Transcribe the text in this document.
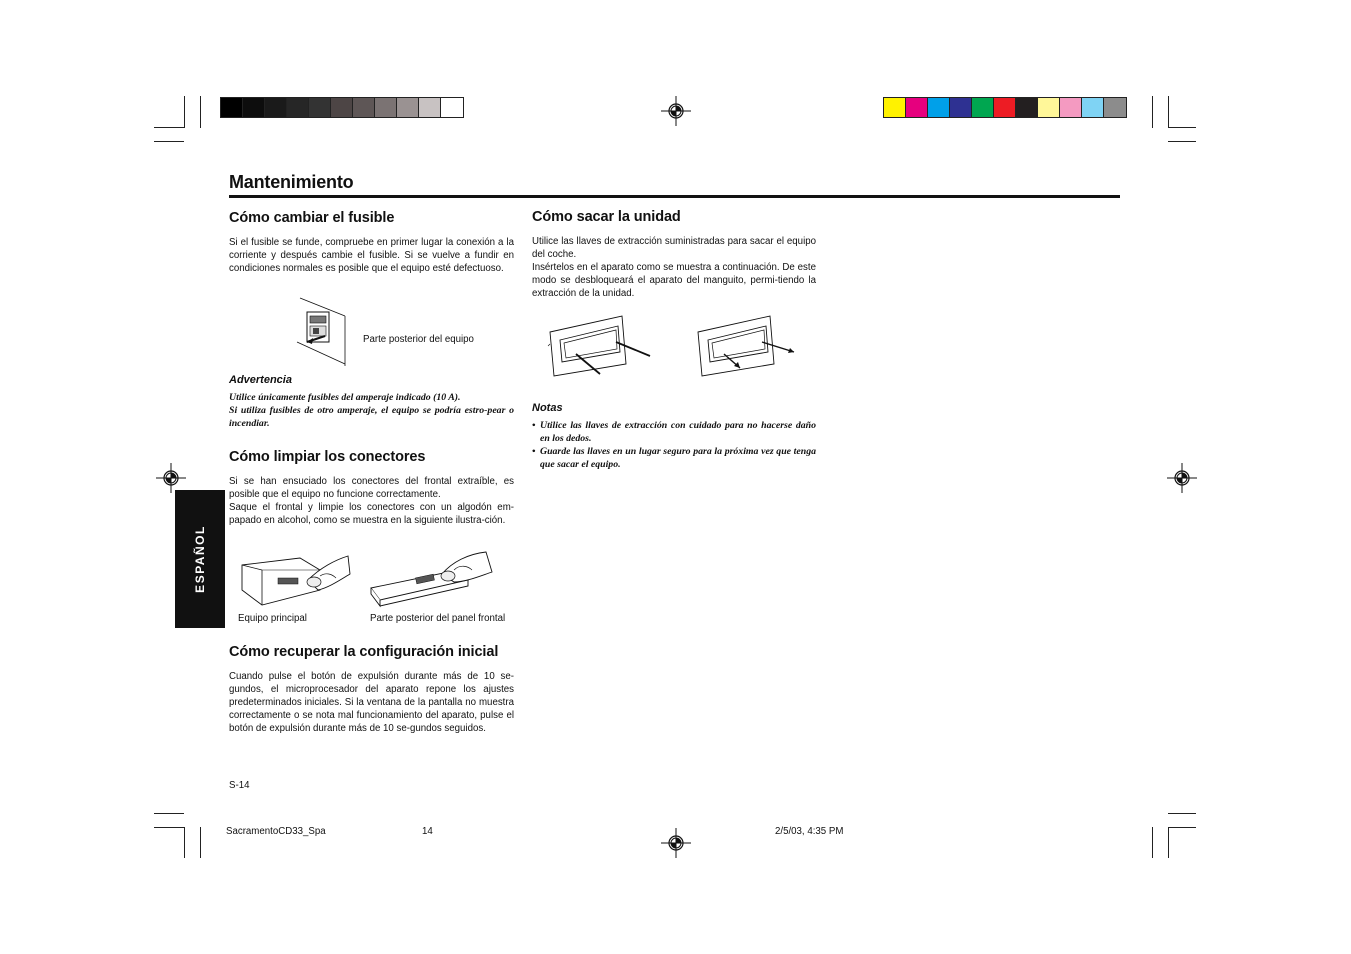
Mantenimiento
ESPAÑOL
Cómo cambiar el fusible
Si el fusible se funde, compruebe en primer lugar la conexión a la corriente y después cambie el fusible. Si se vuelve a fundir en condiciones normales es posible que el equipo esté defectuoso.
Parte posterior del equipo
Advertencia
Utilice únicamente fusibles del amperaje indicado (10 A).
Si utiliza fusibles de otro amperaje, el equipo se podría estro-pear o incendiar.
Cómo limpiar los conectores
Si se han ensuciado los conectores del frontal extraíble, es posible que el equipo no funcione correctamente.
Saque el frontal y limpie los conectores con un algodón em-papado en alcohol, como se muestra en la siguiente ilustra-ción.
Equipo principal	Parte posterior del panel frontal
Cómo recuperar la configuración inicial
Cuando pulse el botón de expulsión durante más de 10 se-gundos, el microprocesador del aparato repone los ajustes predeterminados iniciales. Si la ventana de la pantalla no muestra correctamente o se nota mal funcionamiento del aparato, pulse el botón de expulsión durante más de 10 se-gundos seguidos.
S-14
Cómo sacar la unidad
Utilice las llaves de extracción suministradas para sacar el equipo del coche.
Insértelos en el aparato como se muestra a continuación. De este modo se desbloqueará el aparato del manguito, permi-tiendo la extracción de la unidad.
Notas
• Utilice las llaves de extracción con cuidado para no hacerse daño en los dedos.
• Guarde las llaves en un lugar seguro para la próxima vez que tenga que sacar el equipo.
SacramentoCD33_Spa	14	2/5/03, 4:35 PM
